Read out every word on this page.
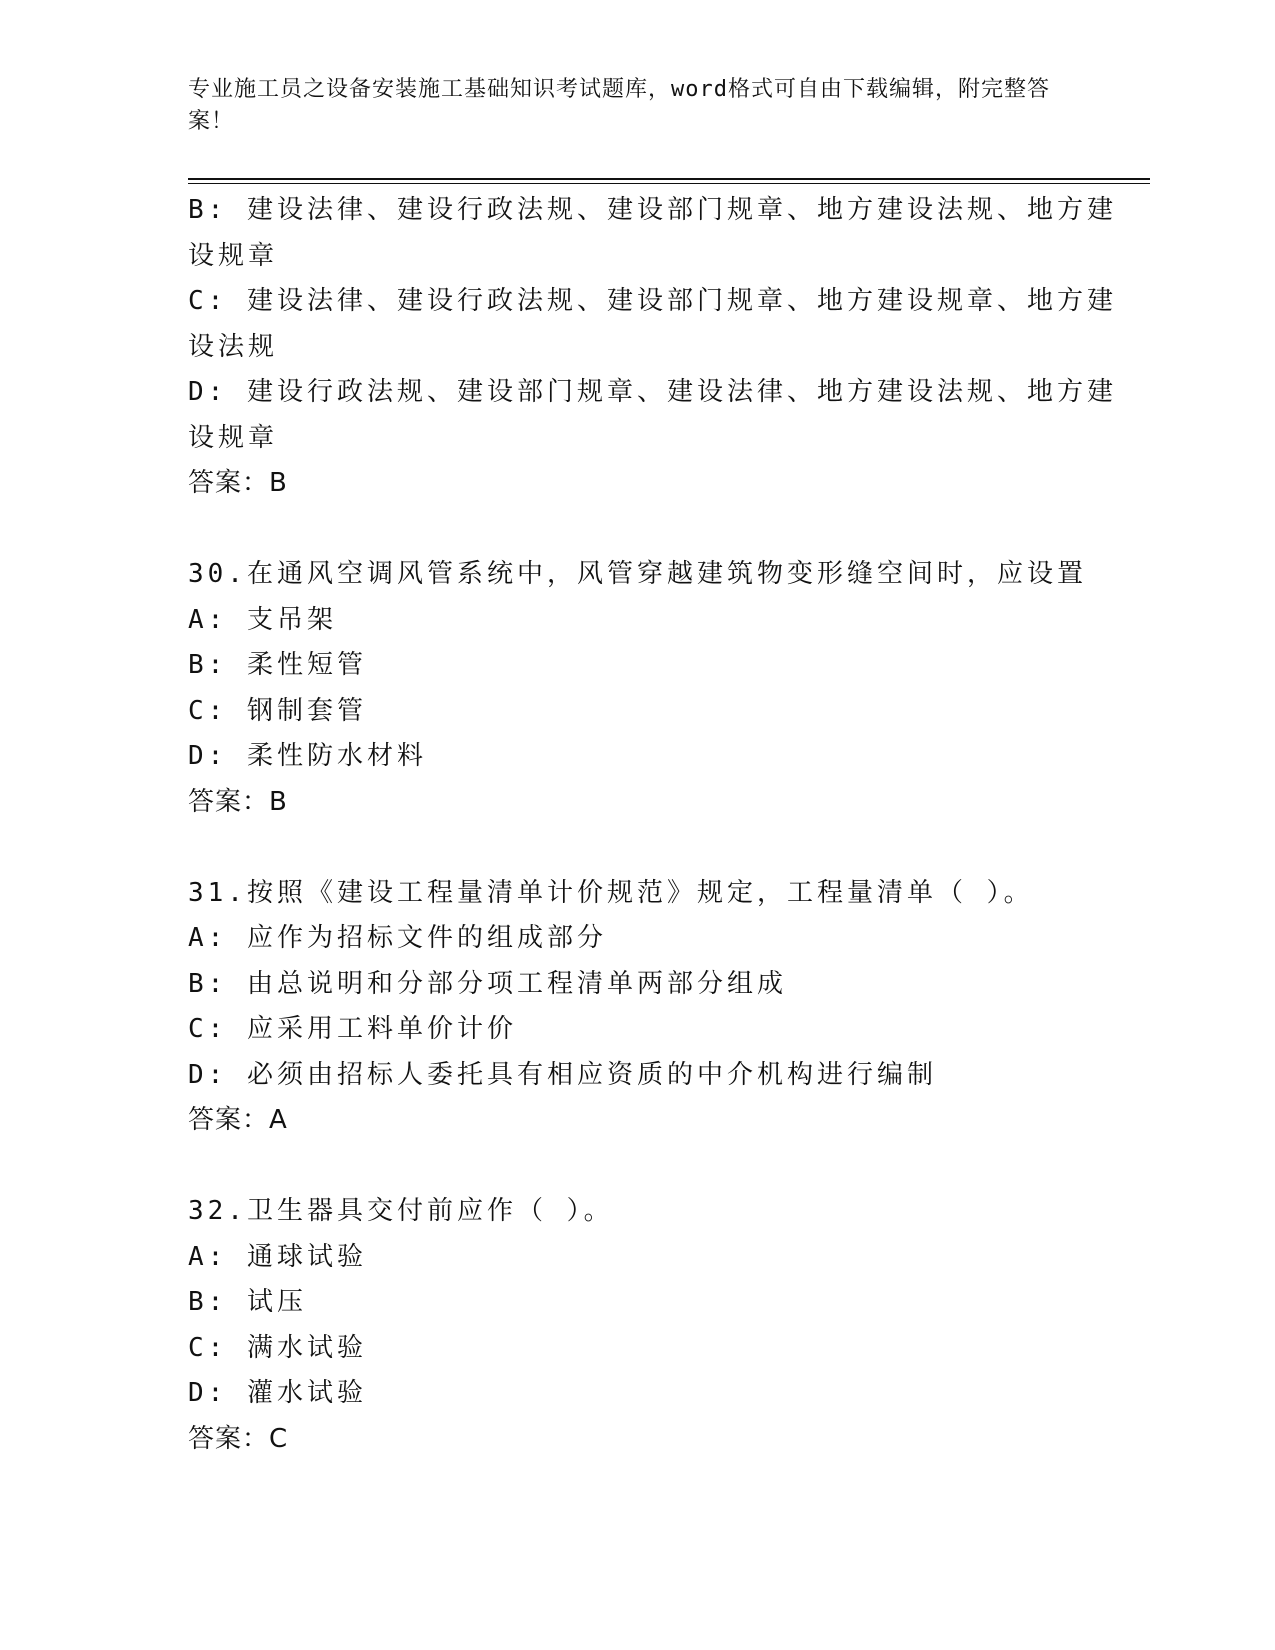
专业施工员之设备安装施工基础知识考试题库，word格式可自由下载编辑，附完整答案！
B: 建设法律、建设行政法规、建设部门规章、地方建设法规、地方建
设规章
C: 建设法律、建设行政法规、建设部门规章、地方建设规章、地方建
设法规
D: 建设行政法规、建设部门规章、建设法律、地方建设法规、地方建
设规章
答案：B
30.在通风空调风管系统中，风管穿越建筑物变形缝空间时，应设置
A: 支吊架
B: 柔性短管
C: 钢制套管
D: 柔性防水材料
答案：B
31.按照《建设工程量清单计价规范》规定，工程量清单（ ）。
A: 应作为招标文件的组成部分
B: 由总说明和分部分项工程清单两部分组成
C: 应采用工料单价计价
D: 必须由招标人委托具有相应资质的中介机构进行编制
答案：A
32.卫生器具交付前应作（ ）。
A: 通球试验
B: 试压
C: 满水试验
D: 灌水试验
答案：C
